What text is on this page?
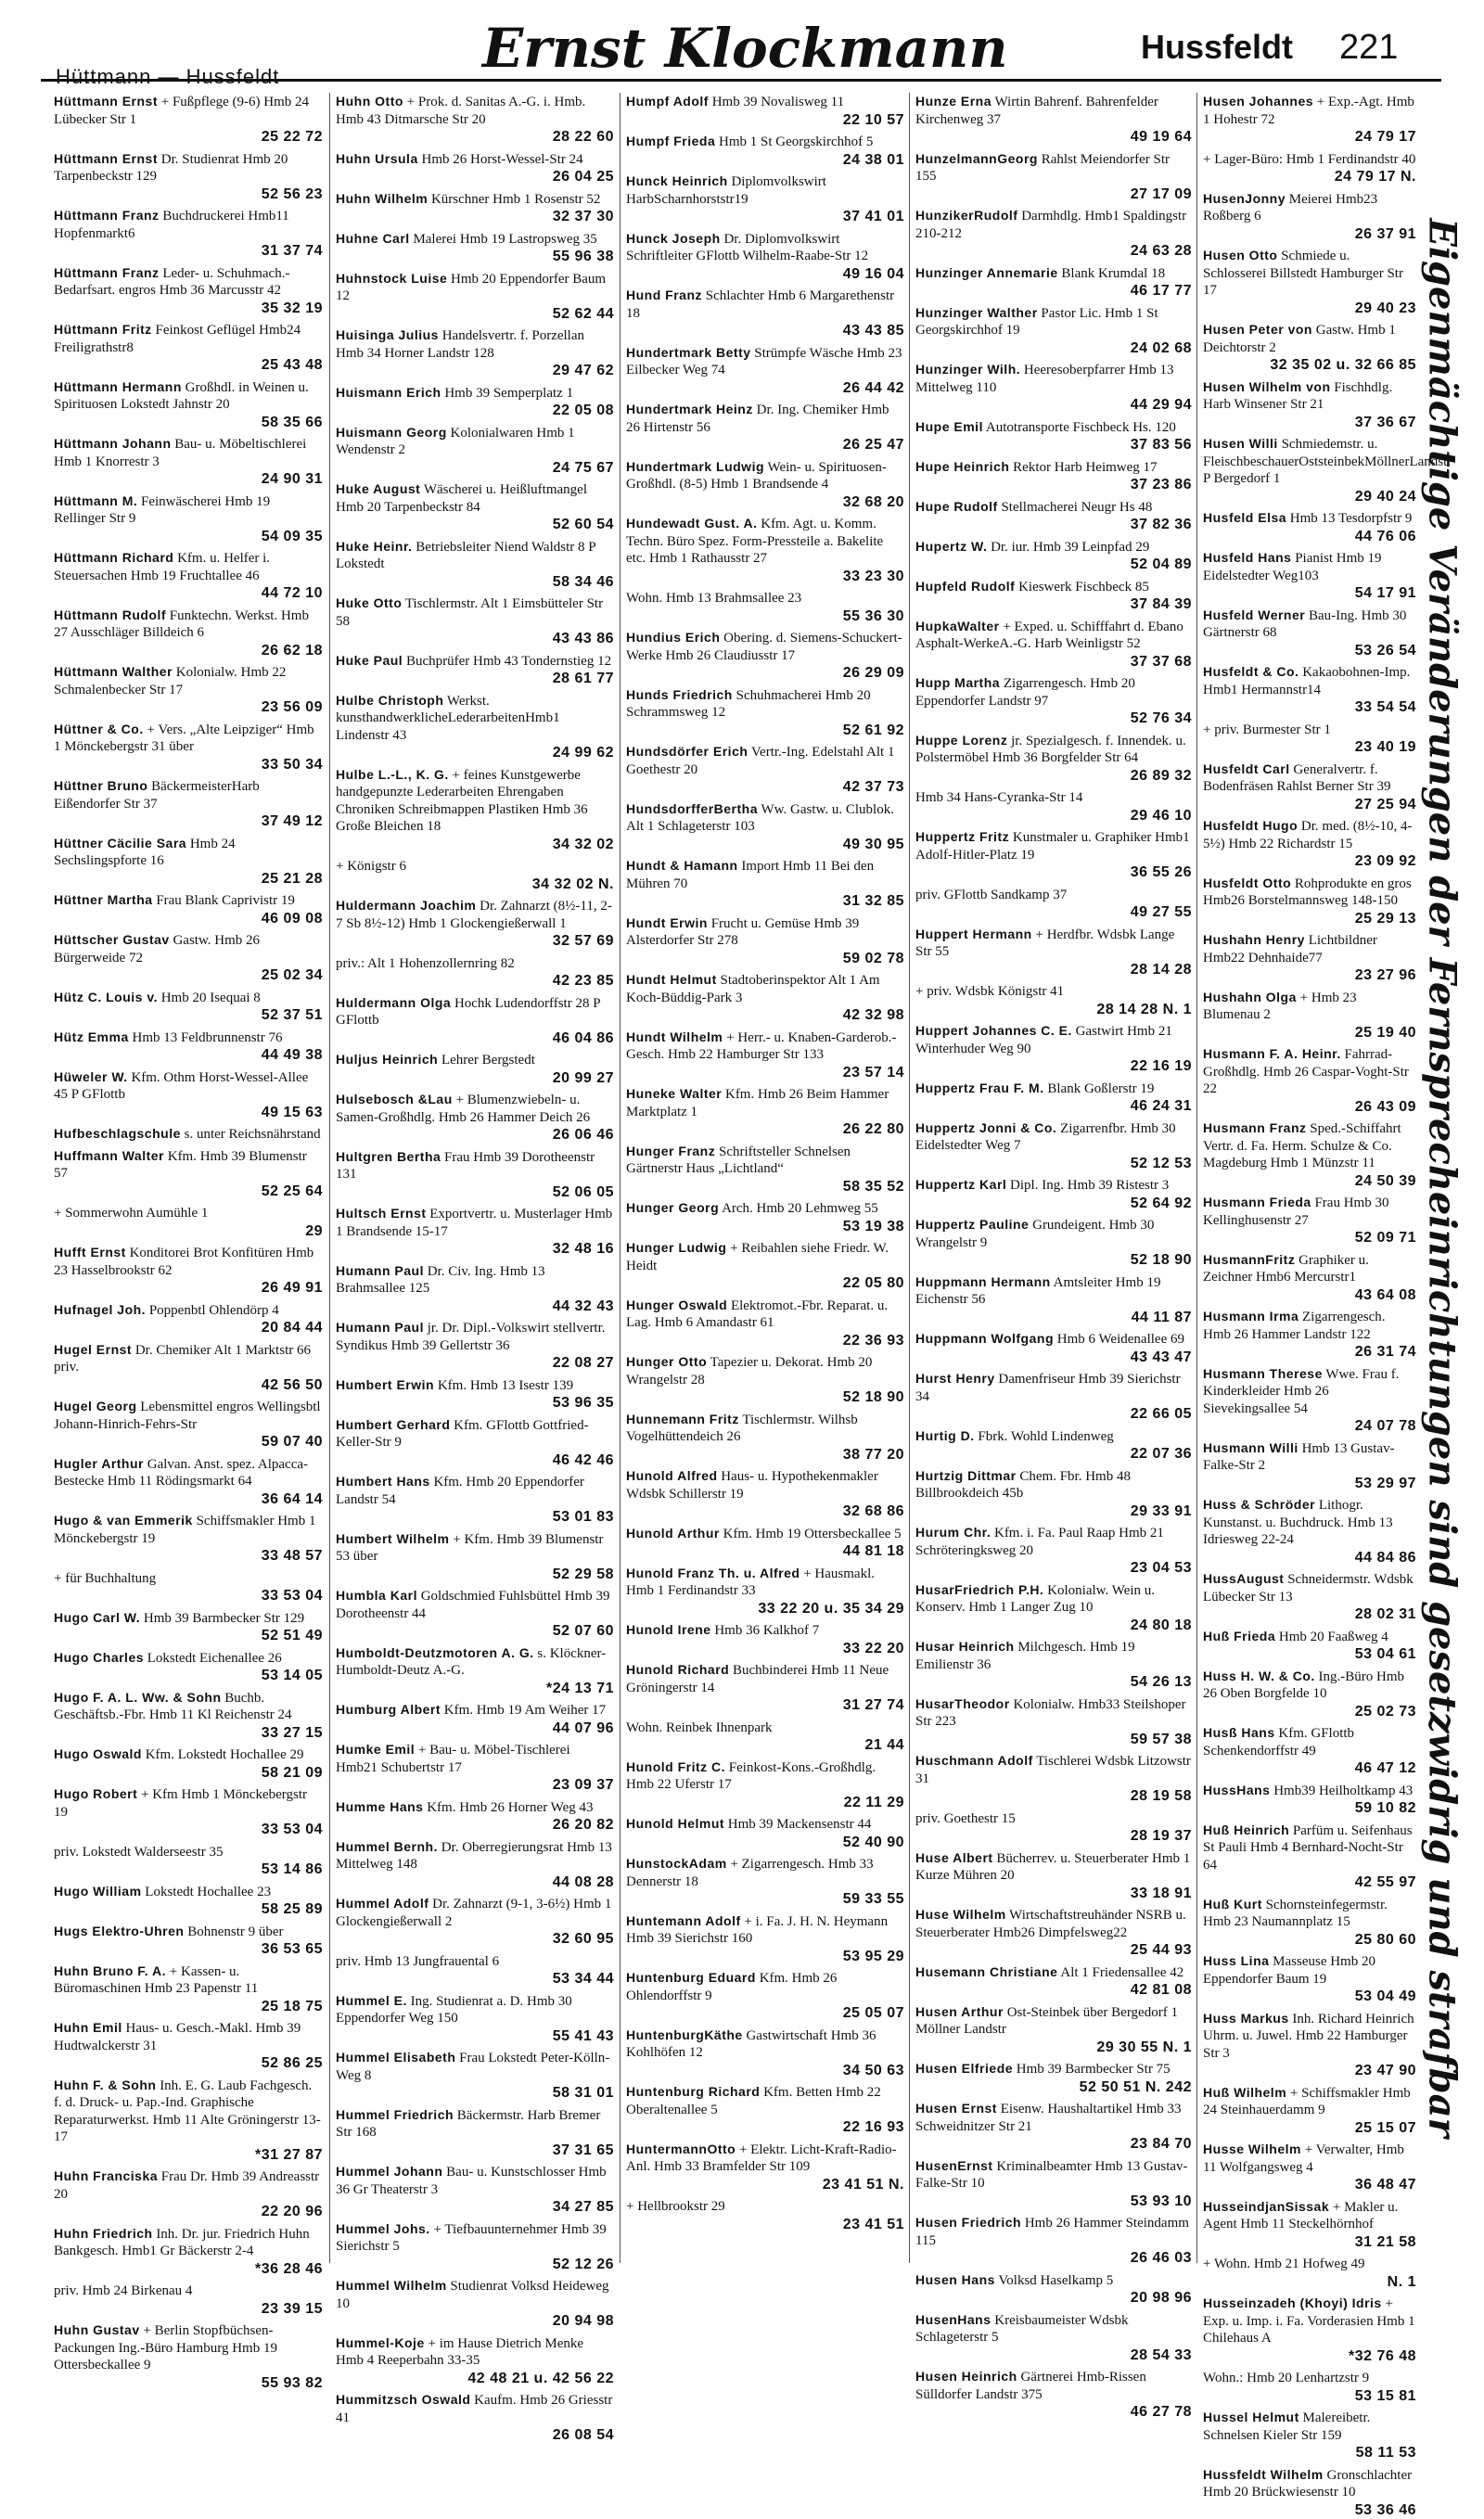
Hüttmann — Hussfeldt	Ernst Klockmann	Hussfeldt 221
Hüttmann Ernst + Fußpflege (9-6) Hmb 24 Lübecker Str 1
25 22 72
Hüttmann Ernst Dr. Studienrat Hmb 20 Tarpenbeckstr 129
52 56 23
Hüttmann Franz Buchdruckerei Hmb11 Hopfenmarkt6
31 37 74
Hüttmann Franz Leder- u. Schuhmach.-Bedarfsart. engros Hmb 36 Marcusstr 42
35 32 19
Hüttmann Fritz Feinkost Geflügel Hmb24 Freiligrathstr8
25 43 48
Hüttmann Hermann Großhdl. in Weinen u. Spirituosen Lokstedt Jahnstr 20
58 35 66
Hüttmann Johann Bau- u. Möbeltischlerei Hmb 1 Knorrestr 3
24 90 31
Hüttmann M. Feinwäscherei Hmb 19 Rellinger Str 9
54 09 35
Hüttmann Richard Kfm. u. Helfer i. Steuersachen Hmb 19 Fruchtallee 46
44 72 10
Hüttmann Rudolf Funktechn. Werkst. Hmb 27 Ausschläger Billdeich 6
26 62 18
Hüttmann Walther Kolonialw. Hmb 22 Schmalenbecker Str 17
23 56 09
Hüttner & Co. + Vers. „Alte Leipziger“ Hmb 1 Mönckebergstr 31 über
33 50 34
Hüttner Bruno BäckermeisterHarb Eißendorfer Str 37
37 49 12
Hüttner Cäcilie Sara Hmb 24 Sechslingspforte 16
25 21 28
Hüttner Martha Frau Blank Caprivistr 19
46 09 08
Hüttscher Gustav Gastw. Hmb 26 Bürgerweide 72
25 02 34
Hütz C. Louis v. Hmb 20 Isequai 8
52 37 51
Hütz Emma Hmb 13 Feldbrunnenstr 76
44 49 38
Hüweler W. Kfm. Othm Horst-Wessel-Allee 45 P GFlottb
49 15 63
Hufbeschlagschule s. unter Reichsnährstand
Huffmann Walter Kfm. Hmb 39 Blumenstr 57
52 25 64
+ Sommerwohn Aumühle 1
29
Hufft Ernst Konditorei Brot Konfitüren Hmb 23 Hasselbrookstr 62
26 49 91
Hufnagel Joh. Poppenbtl Ohlendörp 4
20 84 44
Hugel Ernst Dr. Chemiker Alt 1 Marktstr 66 priv.
42 56 50
Hugel Georg Lebensmittel engros Wellingsbtl Johann-Hinrich-Fehrs-Str
59 07 40
Hugler Arthur Galvan. Anst. spez. Alpacca-Bestecke Hmb 11 Rödingsmarkt 64
36 64 14
Hugo & van Emmerik Schiffsmakler Hmb 1 Mönckebergstr 19
33 48 57
+ für Buchhaltung
33 53 04
Hugo Carl W. Hmb 39 Barmbecker Str 129
52 51 49
Hugo Charles Lokstedt Eichenallee 26
53 14 05
Hugo F. A. L. Ww. & Sohn Buchb. Geschäftsb.-Fbr. Hmb 11 Kl Reichenstr 24
33 27 15
Hugo Oswald Kfm. Lokstedt Hochallee 29
58 21 09
Hugo Robert + Kfm Hmb 1 Mönckebergstr 19
33 53 04
priv. Lokstedt Walderseestr 35
53 14 86
Hugo William Lokstedt Hochallee 23
58 25 89
Hugs Elektro-Uhren Bohnenstr 9 über
36 53 65
Huhn Bruno F. A. + Kassen- u. Büromaschinen Hmb 23 Papenstr 11
25 18 75
Huhn Emil Haus- u. Gesch.-Makl. Hmb 39 Hudtwalckerstr 31
52 86 25
Huhn F. & Sohn Inh. E. G. Laub Fachgesch. f. d. Druck- u. Pap.-Ind. Graphische Reparaturwerkst. Hmb 11 Alte Gröningerstr 13-17
*31 27 87
Huhn Franciska Frau Dr. Hmb 39 Andreasstr 20
22 20 96
Huhn Friedrich Inh. Dr. jur. Friedrich Huhn Bankgesch. Hmb1 Gr Bäckerstr 2-4
*36 28 46
priv. Hmb 24 Birkenau 4
23 39 15
Huhn Gustav + Berlin Stopfbüchsen-Packungen Ing.-Büro Hamburg Hmb 19 Ottersbeckallee 9
55 93 82
Huhn Otto + Prok. d. Sanitas A.-G. i. Hmb. Hmb 43 Ditmarsche Str 20
28 22 60
Huhn Ursula Hmb 26 Horst-Wessel-Str 24
26 04 25
Huhn Wilhelm Kürschner Hmb 1 Rosenstr 52
32 37 30
Huhne Carl Malerei Hmb 19 Lastropsweg 35
55 96 38
Huhnstock Luise Hmb 20 Eppendorfer Baum 12
52 62 44
Huisinga Julius Handelsvertr. f. Porzellan Hmb 34 Horner Landstr 128
29 47 62
Huismann Erich Hmb 39 Semperplatz 1
22 05 08
Huismann Georg Kolonialwaren Hmb 1 Wendenstr 2
24 75 67
Huke August Wäscherei u. Heißluftmangel Hmb 20 Tarpenbeckstr 84
52 60 54
Huke Heinr. Betriebsleiter Niend Waldstr 8 P Lokstedt
58 34 46
Huke Otto Tischlermstr. Alt 1 Eimsbütteler Str 58
43 43 86
Huke Paul Buchprüfer Hmb 43 Tondernstieg 12
28 61 77
Hulbe Christoph Werkst. kunsthandwerklicheLederarbeitenHmb1 Lindenstr 43
24 99 62
Hulbe L.-L., K. G. + feines Kunstgewerbe handgepunzte Lederarbeiten Ehrengaben Chroniken Schreibmappen Plastiken Hmb 36 Große Bleichen 18
34 32 02
+ Königstr 6
34 32 02 N.
Huldermann Joachim Dr. Zahnarzt (8½-11, 2-7 Sb 8½-12) Hmb 1 Glockengießerwall 1
32 57 69
priv.: Alt 1 Hohenzollernring 82
42 23 85
Huldermann Olga Hochk Ludendorffstr 28 P GFlottb
46 04 86
Huljus Heinrich Lehrer Bergstedt
20 99 27
Hulsebosch &Lau + Blumenzwiebeln- u. Samen-Großhdlg. Hmb 26 Hammer Deich 26
26 06 46
Hultgren Bertha Frau Hmb 39 Dorotheenstr 131
52 06 05
Hultsch Ernst Exportvertr. u. Musterlager Hmb 1 Brandsende 15-17
32 48 16
Humann Paul Dr. Civ. Ing. Hmb 13 Brahmsallee 125
44 32 43
Humann Paul jr. Dr. Dipl.-Volkswirt stellvertr. Syndikus Hmb 39 Gellertstr 36
22 08 27
Humbert Erwin Kfm. Hmb 13 Isestr 139
53 96 35
Humbert Gerhard Kfm. GFlottb Gottfried-Keller-Str 9
46 42 46
Humbert Hans Kfm. Hmb 20 Eppendorfer Landstr 54
53 01 83
Humbert Wilhelm + Kfm. Hmb 39 Blumenstr 53 über
52 29 58
Humbla Karl Goldschmied Fuhlsbüttel Hmb 39 Dorotheenstr 44
52 07 60
Humboldt-Deutzmotoren A. G. s. Klöckner-Humboldt-Deutz A.-G.
*24 13 71
Humburg Albert Kfm. Hmb 19 Am Weiher 17
44 07 96
Humke Emil + Bau- u. Möbel-Tischlerei Hmb21 Schubertstr 17
23 09 37
Humme Hans Kfm. Hmb 26 Horner Weg 43
26 20 82
Hummel Bernh. Dr. Oberregierungsrat Hmb 13 Mittelweg 148
44 08 28
Hummel Adolf Dr. Zahnarzt (9-1, 3-6½) Hmb 1 Glockengießerwall 2
32 60 95
priv. Hmb 13 Jungfrauental 6
53 34 44
Hummel E. Ing. Studienrat a. D. Hmb 30 Eppendorfer Weg 150
55 41 43
Hummel Elisabeth Frau Lokstedt Peter-Kölln-Weg 8
58 31 01
Hummel Friedrich Bäckermstr. Harb Bremer Str 168
37 31 65
Hummel Johann Bau- u. Kunstschlosser Hmb 36 Gr Theaterstr 3
34 27 85
Hummel Johs. + Tiefbauunternehmer Hmb 39 Sierichstr 5
52 12 26
Hummel Wilhelm Studienrat Volksd Heideweg 10
20 94 98
Hummel-Koje + im Hause Dietrich Menke Hmb 4 Reeperbahn 33-35
42 48 21 u. 42 56 22
Hummitzsch Oswald Kaufm. Hmb 26 Griesstr 41
26 08 54
Humpf Adolf Hmb 39 Novalisweg 11
22 10 57
Humpf Frieda Hmb 1 St Georgskirchhof 5
24 38 01
Hunck Heinrich Diplomvolkswirt HarbScharnhorststr19
37 41 01
Hunck Joseph Dr. Diplomvolkswirt Schriftleiter GFlottb Wilhelm-Raabe-Str 12
49 16 04
Hund Franz Schlachter Hmb 6 Margarethenstr 18
43 43 85
Hundertmark Betty Strümpfe Wäsche Hmb 23 Eilbecker Weg 74
26 44 42
Hundertmark Heinz Dr. Ing. Chemiker Hmb 26 Hirtenstr 56
26 25 47
Hundertmark Ludwig Wein- u. Spirituosen-Großhdl. (8-5) Hmb 1 Brandsende 4
32 68 20
Hundewadt Gust. A. Kfm. Agt. u. Komm. Techn. Büro Spez. Form-Pressteile a. Bakelite etc. Hmb 1 Rathausstr 27
33 23 30
Wohn. Hmb 13 Brahmsallee 23
55 36 30
Hundius Erich Obering. d. Siemens-Schuckert-Werke Hmb 26 Claudiusstr 17
26 29 09
Hunds Friedrich Schuhmacherei Hmb 20 Schrammsweg 12
52 61 92
Hundsdörfer Erich Vertr.-Ing. Edelstahl Alt 1 Goethestr 20
42 37 73
HundsdorfferBertha Ww. Gastw. u. Clublok. Alt 1 Schlageterstr 103
49 30 95
Hundt & Hamann Import Hmb 11 Bei den Mühren 70
31 32 85
Hundt Erwin Frucht u. Gemüse Hmb 39 Alsterdorfer Str 278
59 02 78
Hundt Helmut Stadtoberinspektor Alt 1 Am Koch-Büddig-Park 3
42 32 98
Hundt Wilhelm + Herr.- u. Knaben-Garderob.-Gesch. Hmb 22 Hamburger Str 133
23 57 14
Huneke Walter Kfm. Hmb 26 Beim Hammer Marktplatz 1
26 22 80
Hunger Franz Schriftsteller Schnelsen Gärtnerstr Haus „Lichtland“
58 35 52
Hunger Georg Arch. Hmb 20 Lehmweg 55
53 19 38
Hunger Ludwig + Reibahlen siehe Friedr. W. Heidt
22 05 80
Hunger Oswald Elektromot.-Fbr. Reparat. u. Lag. Hmb 6 Amandastr 61
22 36 93
Hunger Otto Tapezier u. Dekorat. Hmb 20 Wrangelstr 28
52 18 90
Hunnemann Fritz Tischlermstr. Wilhsb Vogelhüttendeich 26
38 77 20
Hunold Alfred Haus- u. Hypothekenmakler Wdsbk Schillerstr 19
32 68 86
Hunold Arthur Kfm. Hmb 19 Ottersbeckallee 5
44 81 18
Hunold Franz Th. u. Alfred + Hausmakl. Hmb 1 Ferdinandstr 33
33 22 20 u. 35 34 29
Hunold Irene Hmb 36 Kalkhof 7
33 22 20
Hunold Richard Buchbinderei Hmb 11 Neue Gröningerstr 14
31 27 74
Wohn. Reinbek Ihnenpark
21 44
Hunold Fritz C. Feinkost-Kons.-Großhdlg. Hmb 22 Uferstr 17
22 11 29
Hunold Helmut Hmb 39 Mackensenstr 44
52 40 90
HunstockAdam + Zigarrengesch. Hmb 33 Dennerstr 18
59 33 55
Huntemann Adolf + i. Fa. J. H. N. Heymann Hmb 39 Sierichstr 160
53 95 29
Huntenburg Eduard Kfm. Hmb 26 Ohlendorffstr 9
25 05 07
HuntenburgKäthe Gastwirtschaft Hmb 36 Kohlhöfen 12
34 50 63
Huntenburg Richard Kfm. Betten Hmb 22 Oberaltenallee 5
22 16 93
HuntermannOtto + Elektr. Licht-Kraft-Radio-Anl. Hmb 33 Bramfelder Str 109
23 41 51 N.
+ Hellbrookstr 29
23 41 51
Hunze Erna Wirtin Bahrenf. Bahrenfelder Kirchenweg 37
49 19 64
HunzelmannGeorg Rahlst Meiendorfer Str 155
27 17 09
HunzikerRudolf Darmhdlg. Hmb1 Spaldingstr 210-212
24 63 28
Hunzinger Annemarie Blank Krumdal 18
46 17 77
Hunzinger Walther Pastor Lic. Hmb 1 St Georgskirchhof 19
24 02 68
Hunzinger Wilh. Heeresoberpfarrer Hmb 13 Mittelweg 110
44 29 94
Hupe Emil Autotransporte Fischbeck Hs. 120
37 83 56
Hupe Heinrich Rektor Harb Heimweg 17
37 23 86
Hupe Rudolf Stellmacherei Neugr Hs 48
37 82 36
Hupertz W. Dr. iur. Hmb 39 Leinpfad 29
52 04 89
Hupfeld Rudolf Kieswerk Fischbeck 85
37 84 39
HupkaWalter + Exped. u. Schifffahrt d. Ebano Asphalt-WerkeA.-G. Harb Weinligstr 52
37 37 68
Hupp Martha Zigarrengesch. Hmb 20 Eppendorfer Landstr 97
52 76 34
Huppe Lorenz jr. Spezialgesch. f. Innendek. u. Polstermöbel Hmb 36 Borgfelder Str 64
26 89 32
Hmb 34 Hans-Cyranka-Str 14
29 46 10
Huppertz Fritz Kunstmaler u. Graphiker Hmb1 Adolf-Hitler-Platz 19
36 55 26
priv. GFlottb Sandkamp 37
49 27 55
Huppert Hermann + Herdfbr. Wdsbk Lange Str 55
28 14 28
+ priv. Wdsbk Königstr 41
28 14 28 N. 1
Huppert Johannes C. E. Gastwirt Hmb 21 Winterhuder Weg 90
22 16 19
Huppertz Frau F. M. Blank Goßlerstr 19
46 24 31
Huppertz Jonni & Co. Zigarrenfbr. Hmb 30 Eidelstedter Weg 7
52 12 53
Huppertz Karl Dipl. Ing. Hmb 39 Ristestr 3
52 64 92
Huppertz Pauline Grundeigent. Hmb 30 Wrangelstr 9
52 18 90
Huppmann Hermann Amtsleiter Hmb 19 Eichenstr 56
44 11 87
Huppmann Wolfgang Hmb 6 Weidenallee 69
43 43 47
Hurst Henry Damenfriseur Hmb 39 Sierichstr 34
22 66 05
Hurtig D. Fbrk. Wohld Lindenweg
22 07 36
Hurtzig Dittmar Chem. Fbr. Hmb 48 Billbrookdeich 45b
29 33 91
Hurum Chr. Kfm. i. Fa. Paul Raap Hmb 21 Schröteringksweg 20
23 04 53
HusarFriedrich P.H. Kolonialw. Wein u. Konserv. Hmb 1 Langer Zug 10
24 80 18
Husar Heinrich Milchgesch. Hmb 19 Emilienstr 36
54 26 13
HusarTheodor Kolonialw. Hmb33 Steilshoper Str 223
59 57 38
Huschmann Adolf Tischlerei Wdsbk Litzowstr 31
28 19 58
priv. Goethestr 15
28 19 37
Huse Albert Bücherrev. u. Steuerberater Hmb 1 Kurze Mühren 20
33 18 91
Huse Wilhelm Wirtschaftstreuhänder NSRB u. Steuerberater Hmb26 Dimpfelsweg22
25 44 93
Husemann Christiane Alt 1 Friedensallee 42
42 81 08
Husen Arthur Ost-Steinbek über Bergedorf 1 Möllner Landstr
29 30 55 N. 1
Husen Elfriede Hmb 39 Barmbecker Str 75
52 50 51 N. 242
Husen Ernst Eisenw. Haushaltartikel Hmb 33 Schweidnitzer Str 21
23 84 70
HusenErnst Kriminalbeamter Hmb 13 Gustav-Falke-Str 10
53 93 10
Husen Friedrich Hmb 26 Hammer Steindamm 115
26 46 03
Husen Hans Volksd Haselkamp 5
20 98 96
HusenHans Kreisbaumeister Wdsbk Schlageterstr 5
28 54 33
Husen Heinrich Gärtnerei Hmb-Rissen Sülldorfer Landstr 375
46 27 78
Husen Johannes + Exp.-Agt. Hmb 1 Hohestr 72
24 79 17
+ Lager-Büro: Hmb 1 Ferdinandstr 40
24 79 17 N.
HusenJonny Meierei Hmb23 Roßberg 6
26 37 91
Husen Otto Schmiede u. Schlosserei Billstedt Hamburger Str 17
29 40 23
Husen Peter von Gastw. Hmb 1 Deichtorstr 2
32 35 02 u. 32 66 85
Husen Wilhelm von Fischhdlg. Harb Winsener Str 21
37 36 67
Husen Willi Schmiedemstr. u. FleischbeschauerOststeinbekMöllnerLandstr P Bergedorf 1
29 40 24
Husfeld Elsa Hmb 13 Tesdorpfstr 9
44 76 06
Husfeld Hans Pianist Hmb 19 Eidelstedter Weg103
54 17 91
Husfeld Werner Bau-Ing. Hmb 30 Gärtnerstr 68
53 26 54
Husfeldt & Co. Kakaobohnen-Imp. Hmb1 Hermannstr14
33 54 54
+ priv. Burmester Str 1
23 40 19
Husfeldt Carl Generalvertr. f. Bodenfräsen Rahlst Berner Str 39
27 25 94
Husfeldt Hugo Dr. med. (8½-10, 4-5½) Hmb 22 Richardstr 15
23 09 92
Husfeldt Otto Rohprodukte en gros Hmb26 Borstelmannsweg 148-150
25 29 13
Hushahn Henry Lichtbildner Hmb22 Dehnhaide77
23 27 96
Hushahn Olga + Hmb 23 Blumenau 2
25 19 40
Husmann F. A. Heinr. Fahrrad-Großhdlg. Hmb 26 Caspar-Voght-Str 22
26 43 09
Husmann Franz Sped.-Schiffahrt Vertr. d. Fa. Herm. Schulze & Co. Magdeburg Hmb 1 Münzstr 11
24 50 39
Husmann Frieda Frau Hmb 30 Kellinghusenstr 27
52 09 71
HusmannFritz Graphiker u. Zeichner Hmb6 Mercurstr1
43 64 08
Husmann Irma Zigarrengesch. Hmb 26 Hammer Landstr 122
26 31 74
Husmann Therese Wwe. Frau f. Kinderkleider Hmb 26 Sievekingsallee 54
24 07 78
Husmann Willi Hmb 13 Gustav-Falke-Str 2
53 29 97
Huss & Schröder Lithogr. Kunstanst. u. Buchdruck. Hmb 13 Idriesweg 22-24
44 84 86
HussAugust Schneidermstr. Wdsbk Lübecker Str 13
28 02 31
Huß Frieda Hmb 20 Faaßweg 4
53 04 61
Huss H. W. & Co. Ing.-Büro Hmb 26 Oben Borgfelde 10
25 02 73
Husß Hans Kfm. GFlottb Schenkendorffstr 49
46 47 12
HussHans Hmb39 Heilholtkamp 43
59 10 82
Huß Heinrich Parfüm u. Seifenhaus St Pauli Hmb 4 Bernhard-Nocht-Str 64
42 55 97
Huß Kurt Schornsteinfegermstr. Hmb 23 Naumannplatz 15
25 80 60
Huss Lina Masseuse Hmb 20 Eppendorfer Baum 19
53 04 49
Huss Markus Inh. Richard Heinrich Uhrm. u. Juwel. Hmb 22 Hamburger Str 3
23 47 90
Huß Wilhelm + Schiffsmakler Hmb 24 Steinhauerdamm 9
25 15 07
Husse Wilhelm + Verwalter, Hmb 11 Wolfgangsweg 4
36 48 47
HusseindjanSissak + Makler u. Agent Hmb 11 Steckelhörnhof
31 21 58
+ Wohn. Hmb 21 Hofweg 49
N. 1
Husseinzadeh (Khoyi) Idris + Exp. u. Imp. i. Fa. Vorderasien Hmb 1 Chilehaus A
*32 76 48
Wohn.: Hmb 20 Lenhartzstr 9
53 15 81
Hussel Helmut Malereibetr. Schnelsen Kieler Str 159
58 11 53
Hussfeldt Wilhelm Gronschlachter Hmb 20 Brückwiesenstr 10
53 36 46
Eigenmächtige Veränderungen der Fernsprecheinrichtungen sind gesetzwidrig und strafbar
